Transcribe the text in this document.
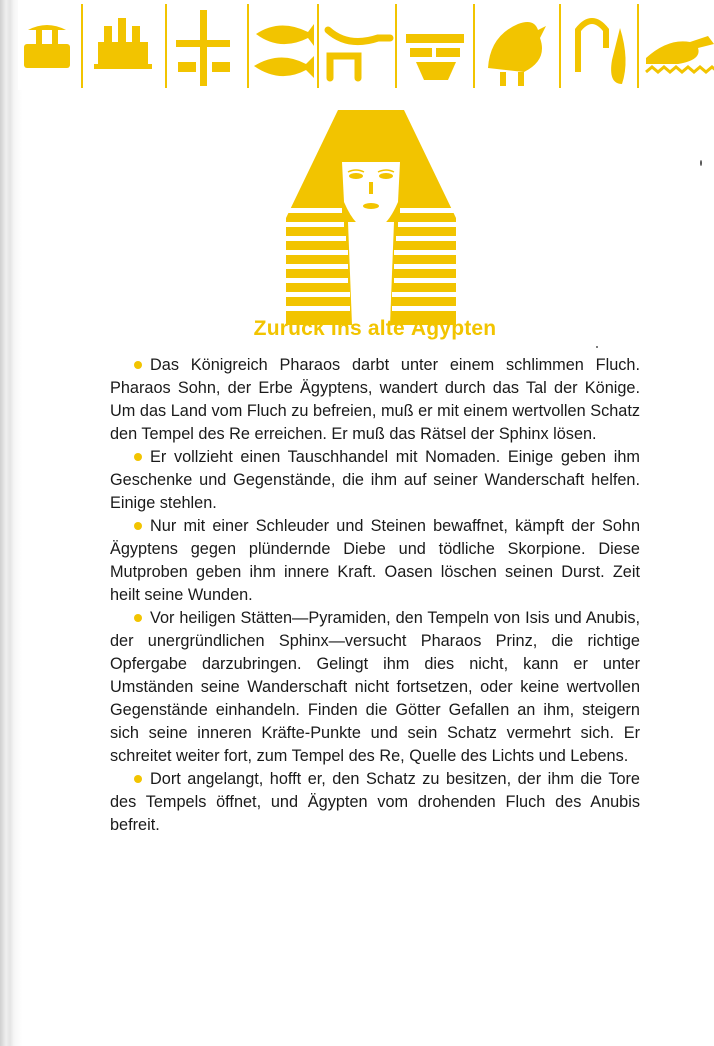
Zurück ins alte Ägypten

Das Königreich Pharaos darbt unter einem schlimmen Fluch. Pharaos Sohn, der Erbe Ägyptens, wandert durch das Tal der Könige. Um das Land vom Fluch zu befreien, muß er mit einem wertvollen Schatz den Tempel des Re erreichen. Er muß das Rätsel der Sphinx lösen.

Er vollzieht einen Tauschhandel mit Nomaden. Einige geben ihm Geschenke und Gegenstände, die ihm auf seiner Wanderschaft helfen. Einige stehlen.

Nur mit einer Schleuder und Steinen bewaffnet, kämpft der Sohn Ägyptens gegen plündernde Diebe und tödliche Skorpione. Diese Mutproben geben ihm innere Kraft. Oasen löschen seinen Durst. Zeit heilt seine Wunden.

Vor heiligen Stätten—Pyramiden, den Tempeln von Isis und Anubis, der unergründlichen Sphinx—versucht Pharaos Prinz, die richtige Opfergabe darzubringen. Gelingt ihm dies nicht, kann er unter Umständen seine Wanderschaft nicht fortsetzen, oder keine wertvollen Gegenstände einhandeln. Finden die Götter Gefallen an ihm, steigern sich seine inneren Kräfte-Punkte und sein Schatz vermehrt sich. Er schreitet weiter fort, zum Tempel des Re, Quelle des Lichts und Lebens.

Dort angelangt, hofft er, den Schatz zu besitzen, der ihm die Tore des Tempels öffnet, und Ägypten vom drohenden Fluch des Anubis befreit.
